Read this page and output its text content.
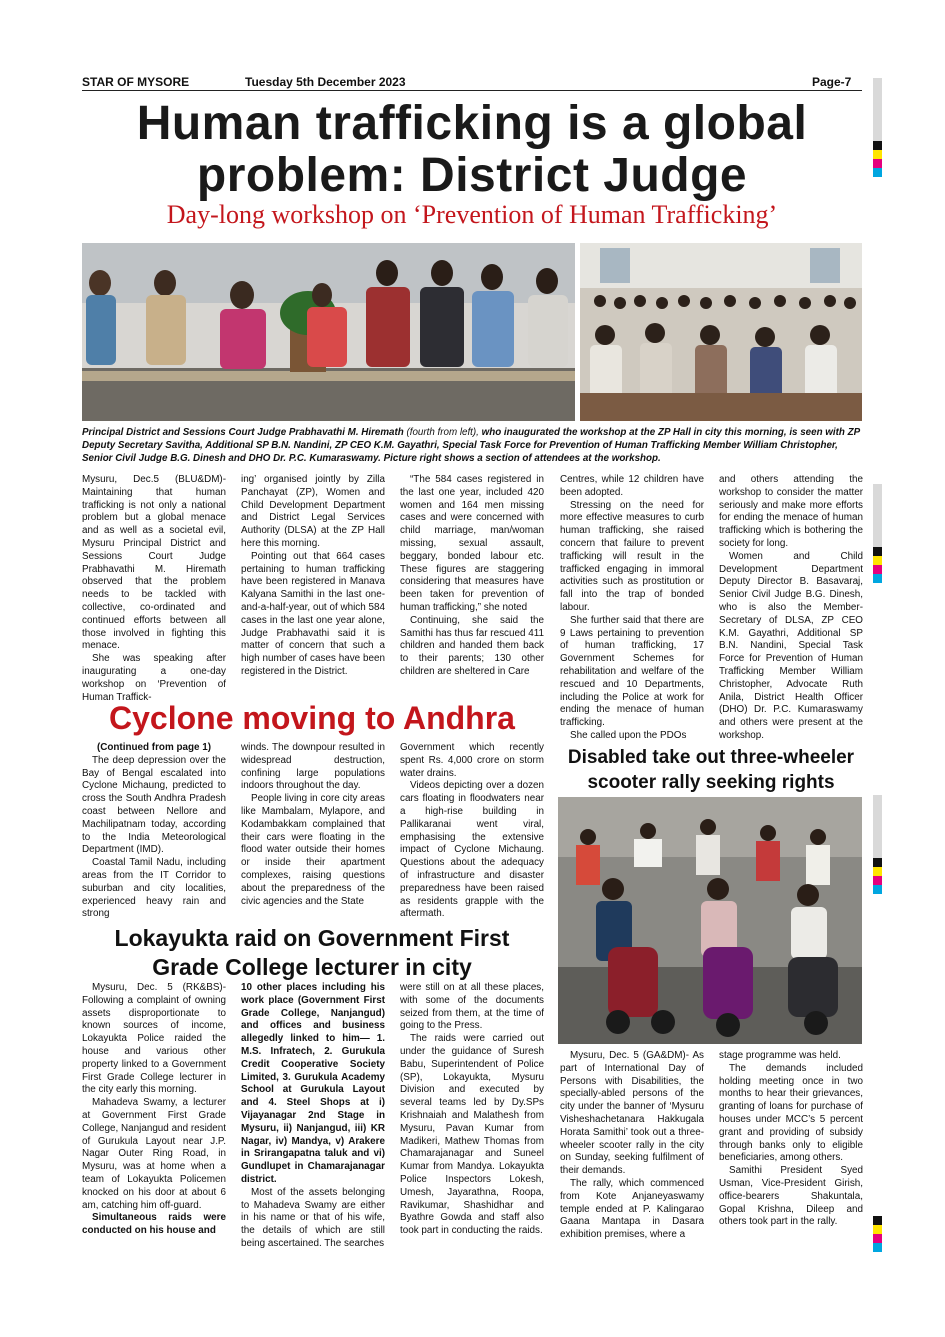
STAR OF MYSORE	Tuesday 5th December 2023	Page-7
Human trafficking is a global
problem: District Judge
Day-long workshop on ‘Prevention of Human Trafficking’
Principal District and Sessions Court Judge Prabhavathi M. Hiremath (fourth from left), who inaugurated the workshop at the ZP Hall in city this morning, is seen with ZP Deputy Secretary Savitha, Additional SP B.N. Nandini, ZP CEO K.M. Gayathri, Special Task Force for Prevention of Human Trafficking Member William Christopher, Senior Civil Judge B.G. Dinesh and DHO Dr. P.C. Kumaraswamy. Picture right shows a section of attendees at the workshop.

Mysuru, Dec.5 (BLU&DM)- Maintaining that human trafficking is not only a national problem but a global menace and as well as a societal evil, Mysuru Principal District and Sessions Court Judge Prabhavathi M. Hiremath observed that the problem needs to be tackled with collective, co-ordinated and continued efforts between all those involved in fighting this menace.

She was speaking after inaugurating a one-day workshop on ‘Prevention of Human Traffick-

ing’ organised jointly by Zilla Panchayat (ZP), Women and Child Development Department and District Legal Services Authority (DLSA) at the ZP Hall here this morning.

Pointing out that 664 cases pertaining to human trafficking have been registered in Manava Kalyana Samithi in the last one-and-a-half-year, out of which 584 cases in the last one year alone, Judge Prabhavathi said it is matter of concern that such a high number of cases have been registered in the District.

“The 584 cases registered in the last one year, included 420 women and 164 men missing cases and were concerned with child marriage, man/woman missing, sexual assault, beggary, bonded labour etc. These figures are staggering considering that measures have been taken for prevention of human trafficking,” she noted

Continuing, she said the Samithi has thus far rescued 411 children and handed them back to their parents; 130 other children are sheltered in Care

Centres, while 12 children have been adopted.

Stressing on the need for more effective measures to curb human trafficking, she raised concern that failure to prevent trafficking will result in the trafficked engaging in immoral activities such as prostitution or fall into the trap of bonded labour.

She further said that there are 9 Laws pertaining to prevention of human trafficking, 17 Government Schemes for rehabilitation and welfare of the rescued and 10 Departments, including the Police at work for ending the menace of human trafficking.

She called upon the PDOs

and others attending the workshop to consider the matter seriously and make more efforts for ending the menace of human trafficking which is bothering the society for long.

Women and Child Development Department Deputy Director B. Basavaraj, Senior Civil Judge B.G. Dinesh, who is also the Member-Secretary of DLSA, ZP CEO K.M. Gayathri, Additional SP B.N. Nandini, Special Task Force for Prevention of Human Trafficking Member William Christopher, Advocate Ruth Anila, District Health Officer (DHO) Dr. P.C. Kumaraswamy and others were present at the workshop.

Cyclone moving to Andhra

(Continued from page 1)

The deep depression over the Bay of Bengal escalated into Cyclone Michaung, predicted to cross the South Andhra Pradesh coast between Nellore and Machilipatnam today, according to the India Meteorological Department (IMD).

Coastal Tamil Nadu, including areas from the IT Corridor to suburban and city localities, experienced heavy rain and strong

winds. The downpour resulted in widespread destruction, confining large populations indoors throughout the day.

People living in core city areas like Mambalam, Mylapore, and Kodambakkam complained that their cars were floating in the flood water outside their homes or inside their apartment complexes, raising questions about the preparedness of the civic agencies and the State

Government which recently spent Rs. 4,000 crore on storm water drains.

Videos depicting over a dozen cars floating in floodwaters near a high-rise building in Pallikaranai went viral, emphasising the extensive impact of Cyclone Michaung. Questions about the adequacy of infrastructure and disaster preparedness have been raised as residents grapple with the aftermath.

Disabled take out three-wheeler
scooter rally seeking rights

Mysuru, Dec. 5 (GA&DM)- As part of International Day of Persons with Disabilities, the specially-abled persons of the city under the banner of ‘Mysuru Visheshachetanara Hakkugala Horata Samithi’ took out a three-wheeler scooter rally in the city on Sunday, seeking fulfilment of their demands.

The rally, which commenced from Kote Anjaneyaswamy temple ended at P. Kalingarao Gaana Mantapa in Dasara exhibition premises, where a

stage programme was held.

The demands included holding meeting once in two months to hear their grievances, granting of loans for purchase of houses under MCC’s 5 percent grant and providing of subsidy through banks only to eligible beneficiaries, among others.

Samithi President Syed Usman, Vice-President Girish, office-bearers Shakuntala, Gopal Krishna, Dileep and others took part in the rally.

Lokayukta raid on Government First
Grade College lecturer in city

Mysuru, Dec. 5 (RK&BS)- Following a complaint of owning assets disproportionate to known sources of income, Lokayukta Police raided the house and various other property linked to a Government First Grade College lecturer in the city early this morning.

Mahadeva Swamy, a lecturer at Government First Grade College, Nanjangud and resident of Gurukula Layout near J.P. Nagar Outer Ring Road, in Mysuru, was at home when a team of Lokayukta Policemen knocked on his door at about 6 am, catching him off-guard.

Simultaneous raids were conducted on his house and

10 other places including his work place (Government First Grade College, Nanjangud) and offices and business allegedly linked to him— 1. M.S. Infratech, 2. Gurukula Credit Cooperative Society Limited, 3. Gurukula Academy School at Gurukula Layout and 4. Steel Shops at i) Vijayanagar 2nd Stage in Mysuru, ii) Nanjangud, iii) KR Nagar, iv) Mandya, v) Arakere in Srirangapatna taluk and vi) Gundlupet in Chamarajanagar district.

Most of the assets belonging to Mahadeva Swamy are either in his name or that of his wife, the details of which are still being ascertained. The searches

were still on at all these places, with some of the documents seized from them, at the time of going to the Press.

The raids were carried out under the guidance of Suresh Babu, Superintendent of Police (SP), Lokayukta, Mysuru Division and executed by several teams led by Dy.SPs Krishnaiah and Malathesh from Mysuru, Pavan Kumar from Madikeri, Mathew Thomas from Chamarajanagar and Suneel Kumar from Mandya. Lokayukta Police Inspectors Lokesh, Umesh, Jayarathna, Roopa, Ravikumar, Shashidhar and Byathre Gowda and staff also took part in conducting the raids.
